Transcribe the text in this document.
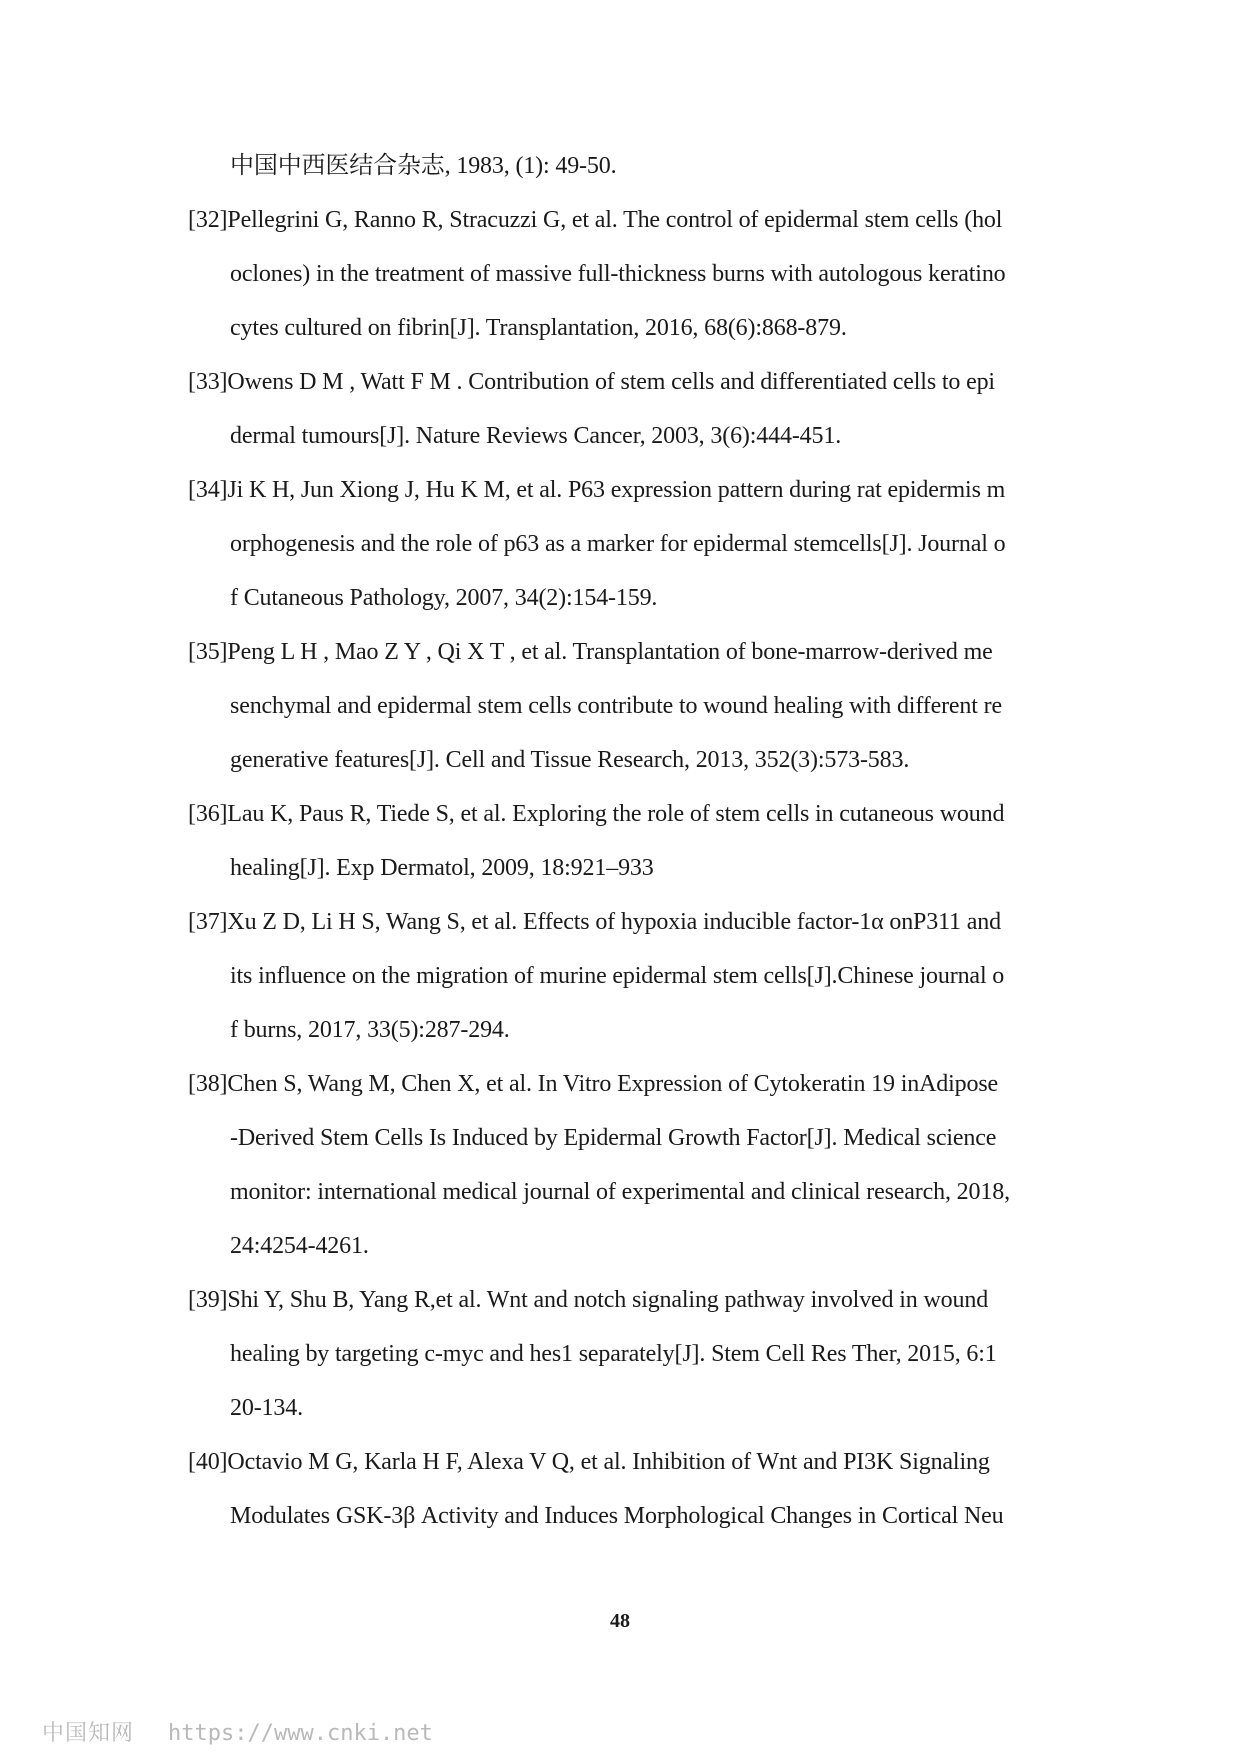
中国中西医结合杂志, 1983, (1): 49-50.
[32]Pellegrini G, Ranno R, Stracuzzi G, et al. The control of epidermal stem cells (hol
oclones) in the treatment of massive full-thickness burns with autologous keratino
cytes cultured on fibrin[J]. Transplantation, 2016, 68(6):868-879.
[33]Owens D M , Watt F M . Contribution of stem cells and differentiated cells to epi
dermal tumours[J]. Nature Reviews Cancer, 2003, 3(6):444-451.
[34]Ji K H, Jun Xiong J, Hu K M, et al. P63 expression pattern during rat epidermis m
orphogenesis and the role of p63 as a marker for epidermal stemcells[J]. Journal o
f Cutaneous Pathology, 2007, 34(2):154-159.
[35]Peng L H , Mao Z Y , Qi X T , et al. Transplantation of bone-marrow-derived me
senchymal and epidermal stem cells contribute to wound healing with different re
generative features[J]. Cell and Tissue Research, 2013, 352(3):573-583.
[36]Lau K, Paus R, Tiede S, et al. Exploring the role of stem cells in cutaneous wound
healing[J]. Exp Dermatol, 2009, 18:921–933
[37]Xu Z D, Li H S, Wang S, et al. Effects of hypoxia inducible factor-1α onP311 and
its influence on the migration of murine epidermal stem cells[J].Chinese journal o
f burns, 2017, 33(5):287-294.
[38]Chen S, Wang M, Chen X, et al. In Vitro Expression of Cytokeratin 19 inAdipose
-Derived Stem Cells Is Induced by Epidermal Growth Factor[J]. Medical science
monitor: international medical journal of experimental and clinical research, 2018,
24:4254-4261.
[39]Shi Y, Shu B, Yang R,et al. Wnt and notch signaling pathway involved in wound
healing by targeting c-myc and hes1 separately[J]. Stem Cell Res Ther, 2015, 6:1
20-134.
[40]Octavio M G, Karla H F, Alexa V Q, et al. Inhibition of Wnt and PI3K Signaling
Modulates GSK-3β Activity and Induces Morphological Changes in Cortical Neu
48
中国知网 https://www.cnki.net
